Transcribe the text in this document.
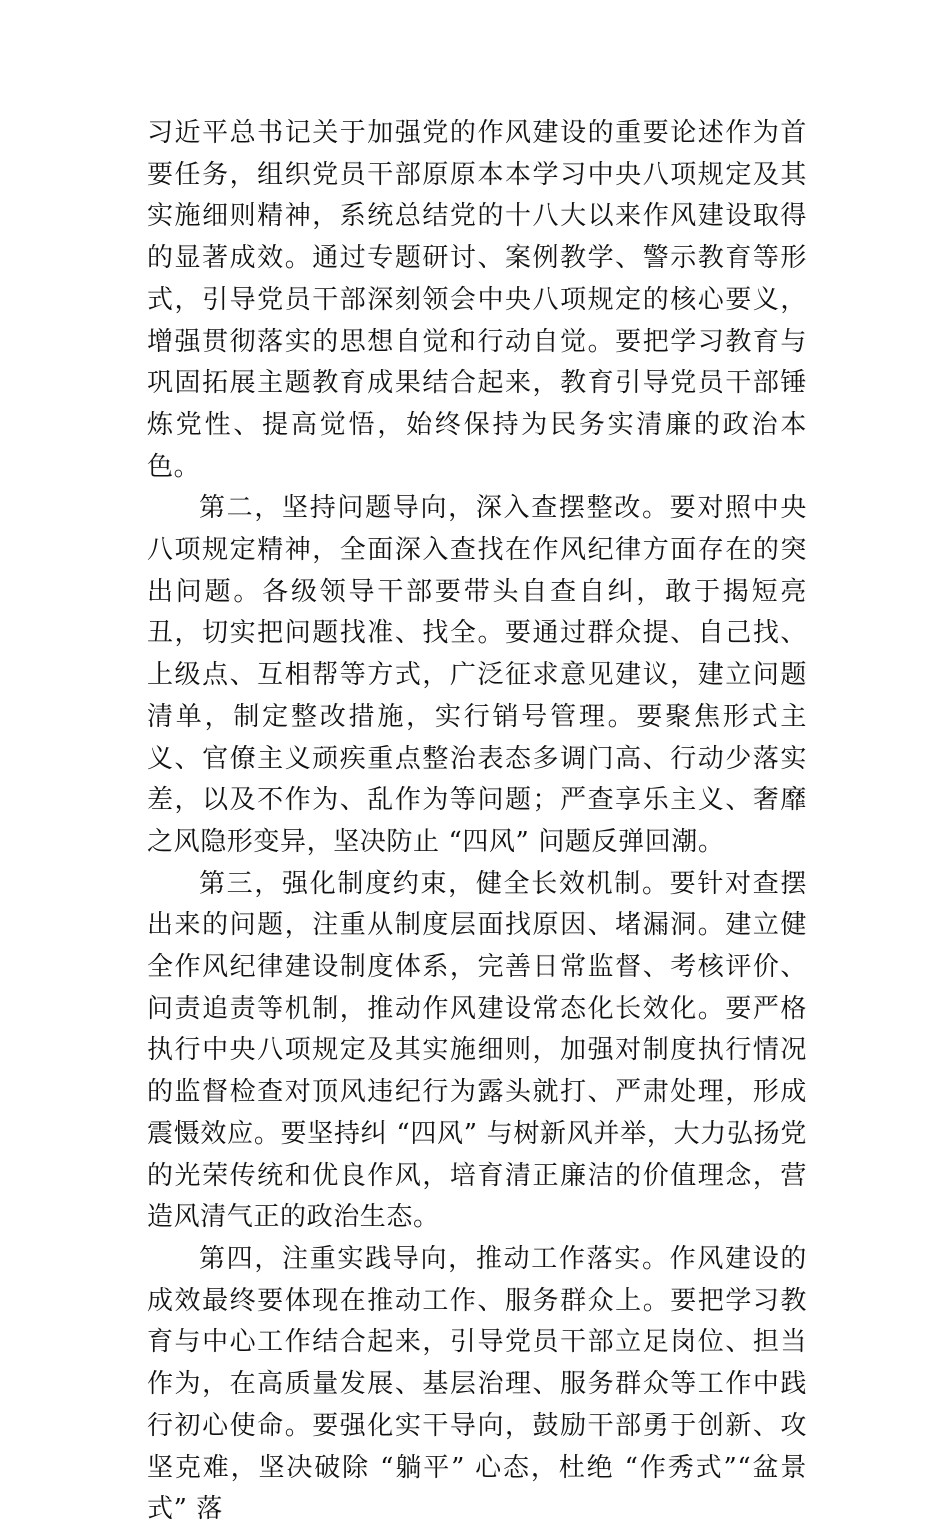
习近平总书记关于加强党的作风建设的重要论述作为首要任务，组织党员干部原原本本学习中央八项规定及其实施细则精神，系统总结党的十八大以来作风建设取得的显著成效。通过专题研讨、案例教学、警示教育等形式，引导党员干部深刻领会中央八项规定的核心要义，增强贯彻落实的思想自觉和行动自觉。要把学习教育与巩固拓展主题教育成果结合起来，教育引导党员干部锤炼党性、提高觉悟，始终保持为民务实清廉的政治本色。

第二，坚持问题导向，深入查摆整改。要对照中央八项规定精神，全面深入查找在作风纪律方面存在的突出问题。各级领导干部要带头自查自纠，敢于揭短亮丑，切实把问题找准、找全。要通过群众提、自己找、上级点、互相帮等方式，广泛征求意见建议，建立问题清单，制定整改措施，实行销号管理。要聚焦形式主义、官僚主义顽疾重点整治表态多调门高、行动少落实差，以及不作为、乱作为等问题；严查享乐主义、奢靡之风隐形变异，坚决防止 “四风” 问题反弹回潮。

第三，强化制度约束，健全长效机制。要针对查摆出来的问题，注重从制度层面找原因、堵漏洞。建立健全作风纪律建设制度体系，完善日常监督、考核评价、问责追责等机制，推动作风建设常态化长效化。要严格执行中央八项规定及其实施细则，加强对制度执行情况的监督检查对顶风违纪行为露头就打、严肃处理，形成震慑效应。要坚持纠 “四风” 与树新风并举，大力弘扬党的光荣传统和优良作风，培育清正廉洁的价值理念，营造风清气正的政治生态。

第四，注重实践导向，推动工作落实。作风建设的成效最终要体现在推动工作、服务群众上。要把学习教育与中心工作结合起来，引导党员干部立足岗位、担当作为，在高质量发展、基层治理、服务群众等工作中践行初心使命。要强化实干导向，鼓励干部勇于创新、攻坚克难，坚决破除 “躺平” 心态，杜绝 “作秀式”“盆景式” 落
